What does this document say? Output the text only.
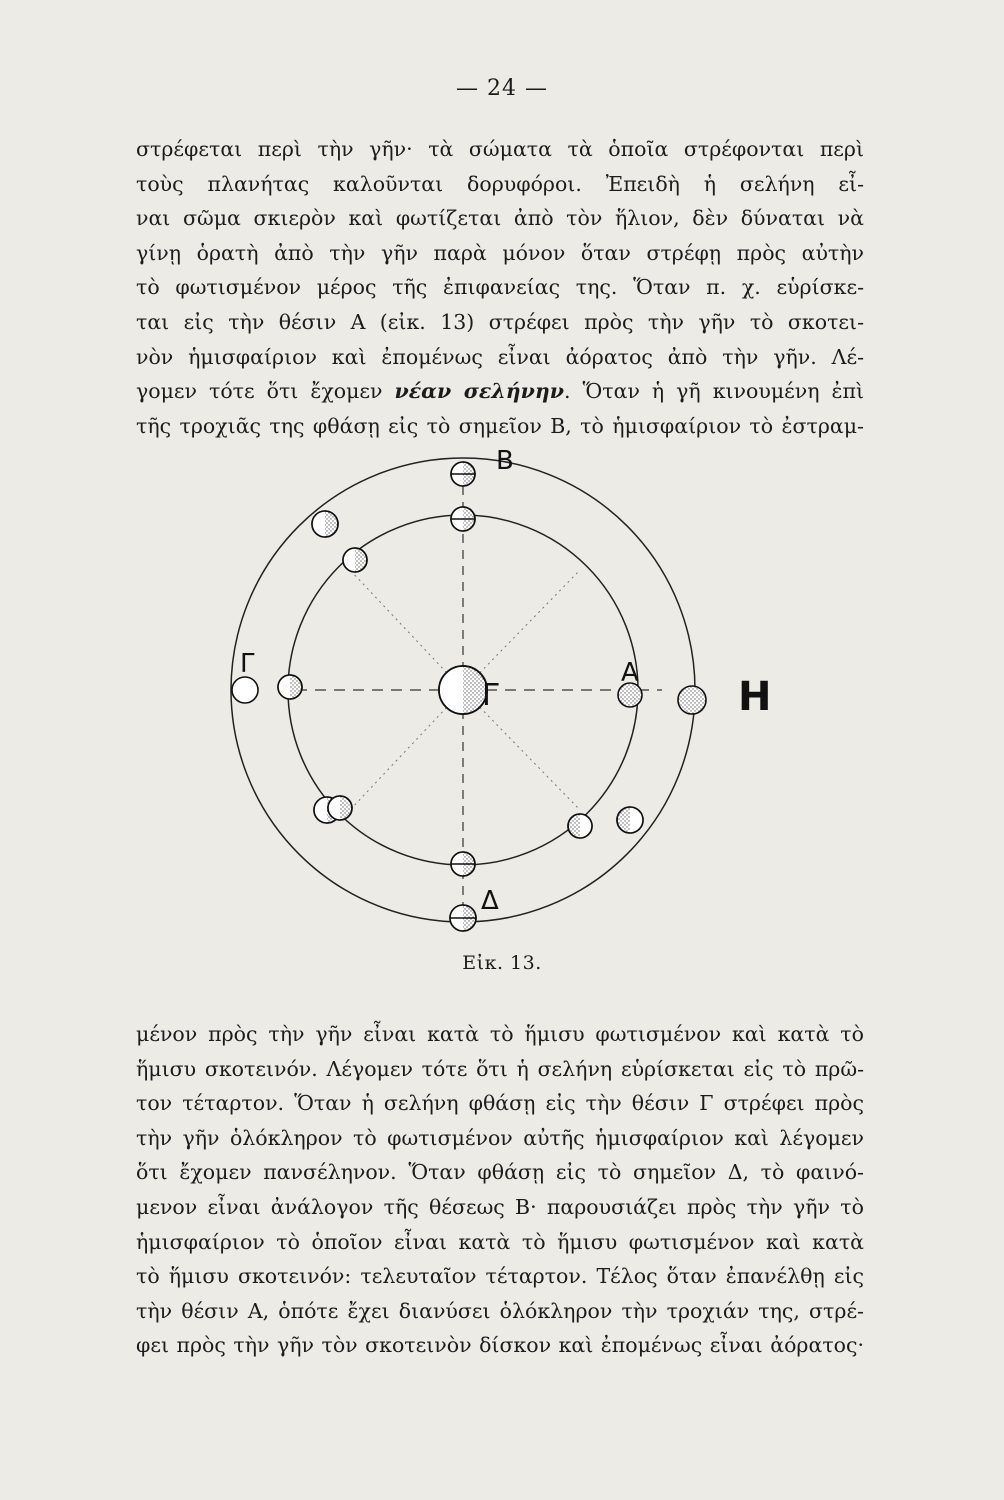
— 24 —
στρέφεται περὶ τὴν γῆν· τὰ σώματα τὰ ὁποῖα στρέφονται περὶ
τοὺς πλανήτας καλοῦνται δορυφόροι. Ἐπειδὴ ἡ σελήνη εἶ-
ναι σῶμα σκιερὸν καὶ φωτίζεται ἀπὸ τὸν ἥλιον, δὲν δύναται νὰ
γίνῃ ὁρατὴ ἀπὸ τὴν γῆν παρὰ μόνον ὅταν στρέφῃ πρὸς αὐτὴν
τὸ φωτισμένον μέρος τῆς ἐπιφανείας της. Ὅταν π. χ. εὑρίσκε-
ται εἰς τὴν θέσιν Α (εἰκ. 13) στρέφει πρὸς τὴν γῆν τὸ σκοτει-
νὸν ἡμισφαίριον καὶ ἐπομένως εἶναι ἀόρατος ἀπὸ τὴν γῆν. Λέ-
γομεν τότε ὅτι ἔχομεν νέαν σελήνην. Ὅταν ἡ γῆ κινουμένη ἐπὶ
τῆς τροχιᾶς της φθάσῃ εἰς τὸ σημεῖον Β, τὸ ἡμισφαίριον τὸ ἐστραμ-
Γ
Β
Γ	Α
Η
Δ
Εἰκ. 13.
μένον πρὸς τὴν γῆν εἶναι κατὰ τὸ ἥμισυ φωτισμένον καὶ κατὰ τὸ
ἥμισυ σκοτεινόν. Λέγομεν τότε ὅτι ἡ σελήνη εὑρίσκεται εἰς τὸ πρῶ-
τον τέταρτον. Ὅταν ἡ σελήνη φθάσῃ εἰς τὴν θέσιν Γ στρέφει πρὸς
τὴν γῆν ὁλόκληρον τὸ φωτισμένον αὐτῆς ἡμισφαίριον καὶ λέγομεν
ὅτι ἔχομεν πανσέληνον. Ὅταν φθάσῃ εἰς τὸ σημεῖον Δ, τὸ φαινό-
μενον εἶναι ἀνάλογον τῆς θέσεως Β· παρουσιάζει πρὸς τὴν γῆν τὸ
ἡμισφαίριον τὸ ὁποῖον εἶναι κατὰ τὸ ἥμισυ φωτισμένον καὶ κατὰ
τὸ ἥμισυ σκοτεινόν: τελευταῖον τέταρτον. Τέλος ὅταν ἐπανέλθῃ εἰς
τὴν θέσιν Α, ὁπότε ἔχει διανύσει ὁλόκληρον τὴν τροχιάν της, στρέ-
φει πρὸς τὴν γῆν τὸν σκοτεινὸν δίσκον καὶ ἐπομένως εἶναι ἀόρατος·
